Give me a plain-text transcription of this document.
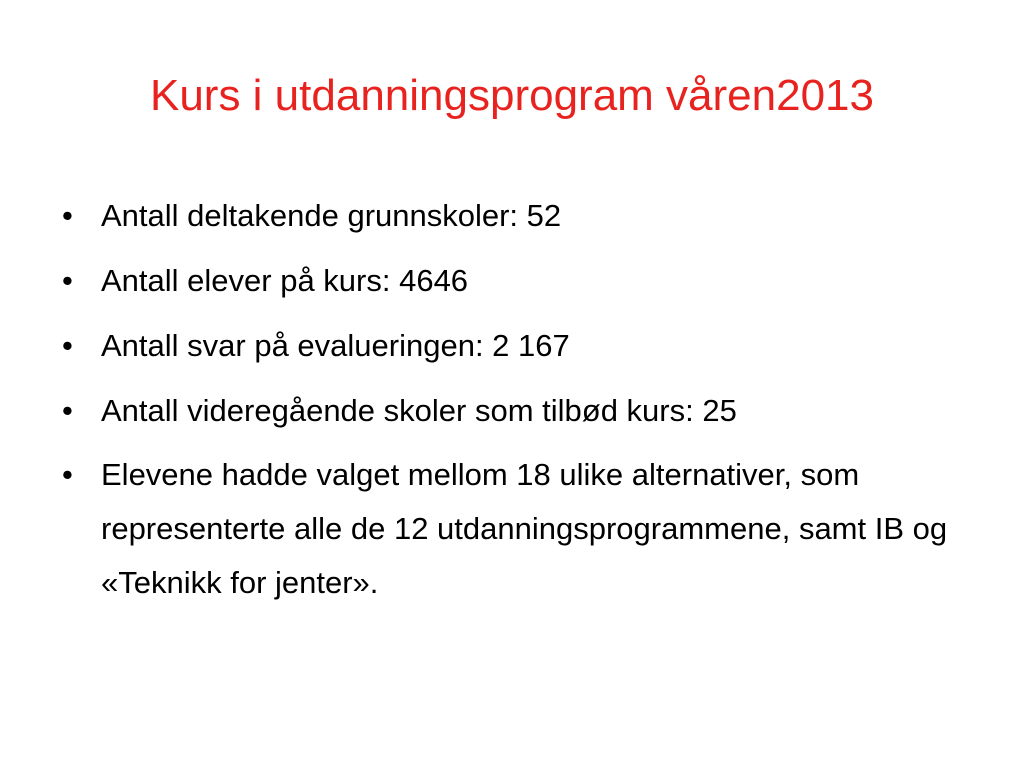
Kurs i utdanningsprogram våren2013
• Antall deltakende grunnskoler: 52
• Antall elever på kurs: 4646
• Antall svar på evalueringen: 2 167
• Antall videregående skoler som tilbød kurs: 25
• Elevene hadde valget mellom 18 ulike alternativer, som representerte alle de 12 utdanningsprogrammene, samt IB og «Teknikk for jenter».
